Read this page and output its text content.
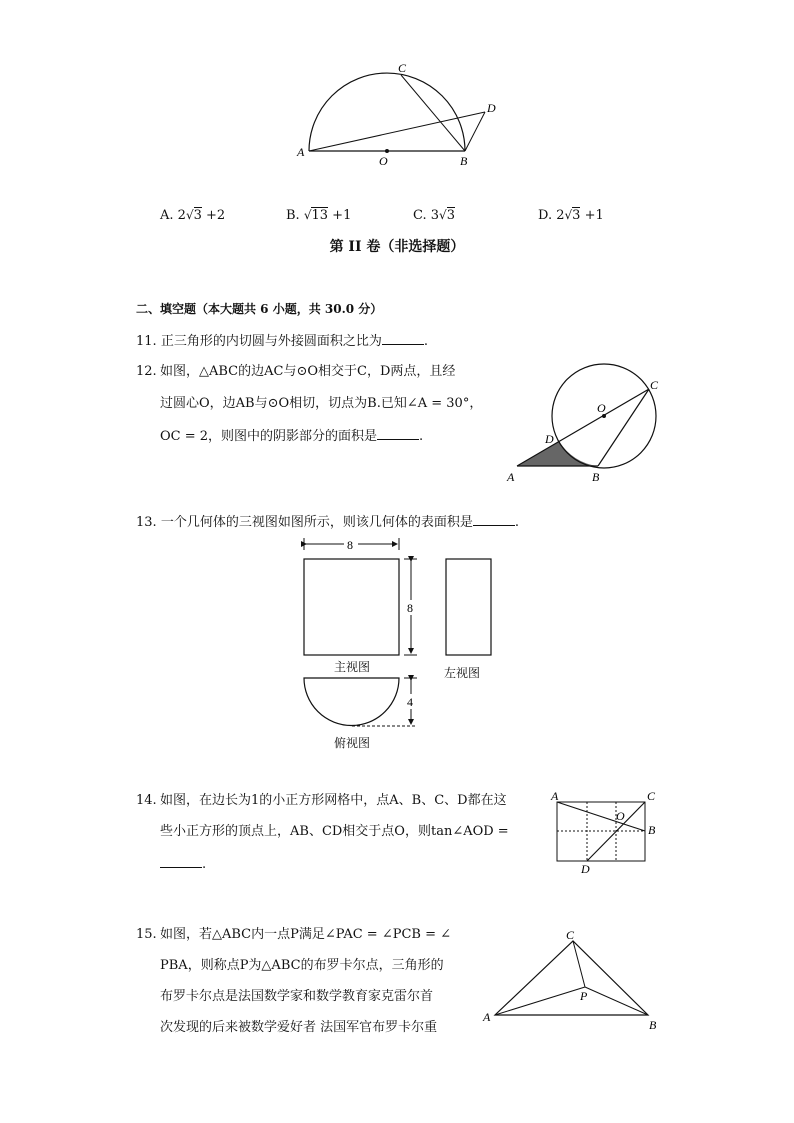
A
O	B
C
D
A. 2√3 +2	B. √13 +1	C. 3√3	D. 2√3 +1
第 II 卷（非选择题）
二、填空题（本大题共 6 小题，共 30.0 分）
11. 正三角形的内切圆与外接圆面积之比为	.
12. 如图，△ABC的边AC与⊙O相交于C，D两点，且经
过圆心O，边AB与⊙O相切，切点为B.已知∠A = 30°，
OC = 2，则图中的阴影部分的面积是	.
A	B
C
D
O
13. 一个几何体的三视图如图所示，则该几何体的表面积是	.
8
8
4
主视图	左视图
俯视图
14. 如图，在边长为1的小正方形网格中，点A、B、C、D都在这
些小正方形的顶点上，AB、CD相交于点O，则tan∠AOD =
.
A	C
B
O
D
15. 如图，若△ABC内一点P满足∠PAC = ∠PCB = ∠
PBA，则称点P为△ABC的布罗卡尔点，三角形的
布罗卡尔点是法国数学家和数学教育家克雷尔首
次发现的后来被数学爱好者 法国军官布罗卡尔重
A
B
C
P
